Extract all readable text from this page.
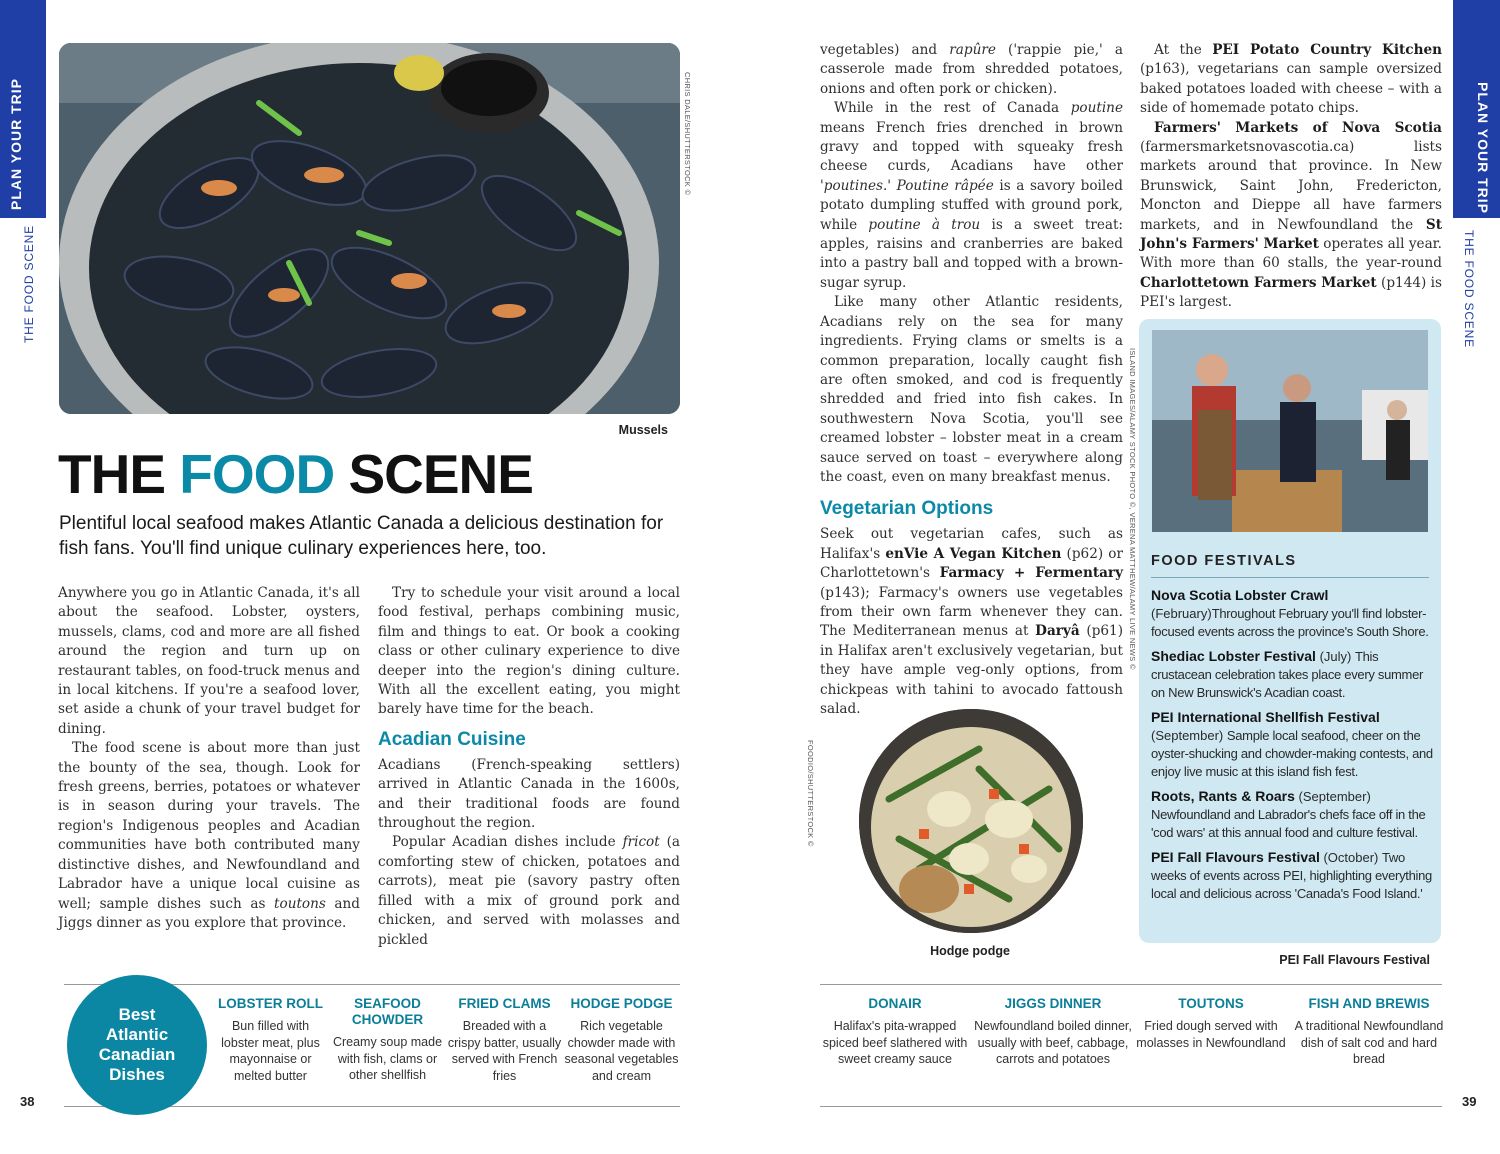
PLAN YOUR TRIP
THE FOOD SCENE
PLAN YOUR TRIP
THE FOOD SCENE
CHRIS DALE/SHUTTERSTOCK ©
Mussels
THE FOOD SCENE
Plentiful local seafood makes Atlantic Canada a delicious destination for fish fans. You'll find unique culinary experiences here, too.

Anywhere you go in Atlantic Canada, it's all about the seafood. Lobster, oysters, mussels, clams, cod and more are all fished around the region and turn up on restaurant tables, on food-truck menus and in local kitchens. If you're a seafood lover, set aside a chunk of your travel budget for dining.

The food scene is about more than just the bounty of the sea, though. Look for fresh greens, berries, potatoes or whatever is in season during your travels. The region's Indigenous peoples and Acadian communities have both contributed many distinctive dishes, and Newfoundland and Labrador have a unique local cuisine as well; sample dishes such as toutons and Jiggs dinner as you explore that province.

Try to schedule your visit around a local food festival, perhaps combining music, film and things to eat. Or book a cooking class or other culinary experience to dive deeper into the region's dining culture. With all the excellent eating, you might barely have time for the beach.

Acadian Cuisine

Acadians (French-speaking settlers) arrived in Atlantic Canada in the 1600s, and their traditional foods are found throughout the region.

Popular Acadian dishes include fricot (a comforting stew of chicken, potatoes and carrots), meat pie (savory pastry often filled with a mix of ground pork and chicken, and served with molasses and pickled

vegetables) and rapûre ('rappie pie,' a casserole made from shredded potatoes, onions and often pork or chicken).

While in the rest of Canada poutine means French fries drenched in brown gravy and topped with squeaky fresh cheese curds, Acadians have other 'poutines.' Poutine râpée is a savory boiled potato dumpling stuffed with ground pork, while poutine à trou is a sweet treat: apples, raisins and cranberries are baked into a pastry ball and topped with a brown-sugar syrup.

Like many other Atlantic residents, Acadians rely on the sea for many ingredients. Frying clams or smelts is a common preparation, locally caught fish are often smoked, and cod is frequently shredded and fried into fish cakes. In southwestern Nova Scotia, you'll see creamed lobster – lobster meat in a cream sauce served on toast – everywhere along the coast, even on many breakfast menus.

Vegetarian Options

Seek out vegetarian cafes, such as Halifax's enVie A Vegan Kitchen (p62) or Charlottetown's Farmacy + Fermentary (p143); Farmacy's owners use vegetables from their own farm whenever they can. The Mediterranean menus at Daryâ (p61) in Halifax aren't exclusively vegetarian, but they have ample veg-only options, from chickpeas with tahini to avocado fattoush salad.

At the PEI Potato Country Kitchen (p163), vegetarians can sample oversized baked potatoes loaded with cheese – with a side of homemade potato chips.

Farmers' Markets of Nova Scotia (farmersmarketsnovascotia.ca) lists markets around that province. In New Brunswick, Saint John, Fredericton, Moncton and Dieppe all have farmers markets, and in Newfoundland the St John's Farmers' Market operates all year. With more than 60 stalls, the year-round Charlottetown Farmers Market (p144) is PEI's largest.

ISLAND IMAGES/ALAMY STOCK PHOTO ©, VERENA MATTHEW/ALAMY LIVE NEWS ©
FOODIO/SHUTTERSTOCK ©
Hodge podge
FOOD FESTIVALS
Nova Scotia Lobster Crawl (February)Throughout February you'll find lobster-focused events across the province's South Shore.
Shediac Lobster Festival (July) This crustacean celebration takes place every summer on New Brunswick's Acadian coast.
PEI International Shellfish Festival (September) Sample local seafood, cheer on the oyster-shucking and chowder-making contests, and enjoy live music at this island fish fest.
Roots, Rants & Roars (September) Newfoundland and Labrador's chefs face off in the 'cod wars' at this annual food and culture festival.
PEI Fall Flavours Festival (October) Two weeks of events across PEI, highlighting everything local and delicious across 'Canada's Food Island.'
PEI Fall Flavours Festival
Best Atlantic Canadian Dishes
LOBSTER ROLL

Bun filled with lobster meat, plus mayonnaise or melted butter

SEAFOOD CHOWDER

Creamy soup made with fish, clams or other shellfish

FRIED CLAMS

Breaded with a crispy batter, usually served with French fries

HODGE PODGE

Rich vegetable chowder made with seasonal vegetables and cream

DONAIR

Halifax's pita-wrapped spiced beef slathered with sweet creamy sauce

JIGGS DINNER

Newfoundland boiled dinner, usually with beef, cabbage, carrots and potatoes

TOUTONS

Fried dough served with molasses in Newfoundland

FISH AND BREWIS

A traditional Newfoundland dish of salt cod and hard bread

38	39
